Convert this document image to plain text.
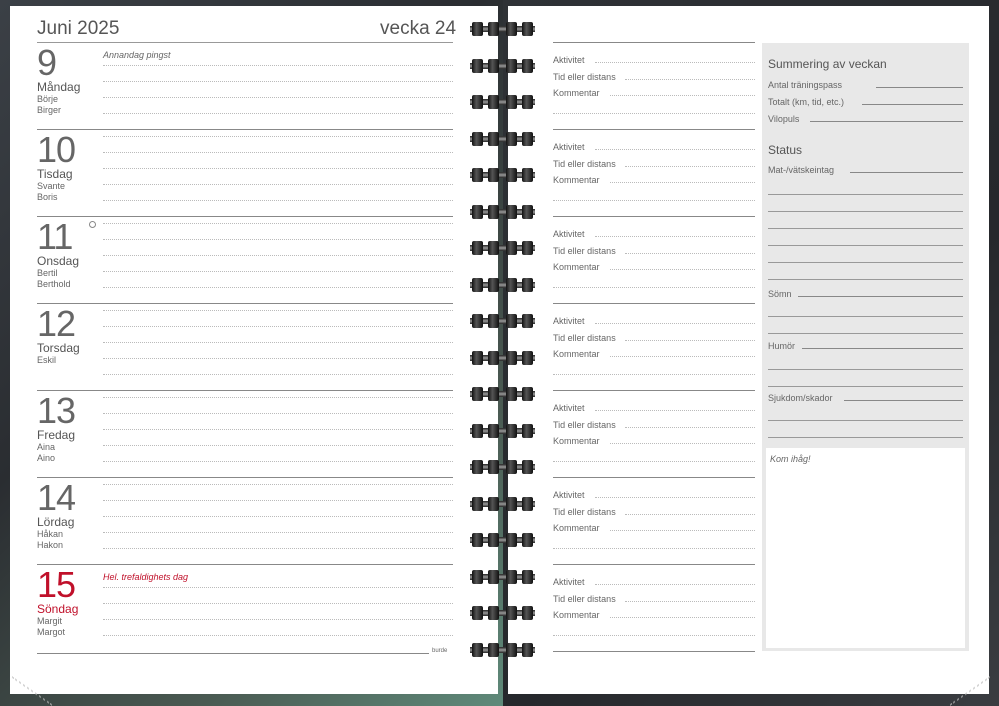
Juni 2025	vecka 24
9
Måndag
Börje
Birger
Annandag pingst
10
Tisdag
Svante
Boris
11
Onsdag
Bertil
Berthold
12
Torsdag
Eskil
13
Fredag
Aina
Aino
14
Lördag
Håkan
Hakon
15
Söndag
Margit
Margot
Hel. trefaldighets dag
burde
Aktivitet
Tid eller distans
Kommentar
Aktivitet
Tid eller distans
Kommentar
Aktivitet
Tid eller distans
Kommentar
Aktivitet
Tid eller distans
Kommentar
Aktivitet
Tid eller distans
Kommentar
Aktivitet
Tid eller distans
Kommentar
Aktivitet
Tid eller distans
Kommentar
Summering av veckan
Antal träningspass
Totalt (km, tid, etc.)
Vilopuls
Status
Mat-/vätskeintag
Sömn
Humör
Sjukdom/skador
Kom ihåg!
